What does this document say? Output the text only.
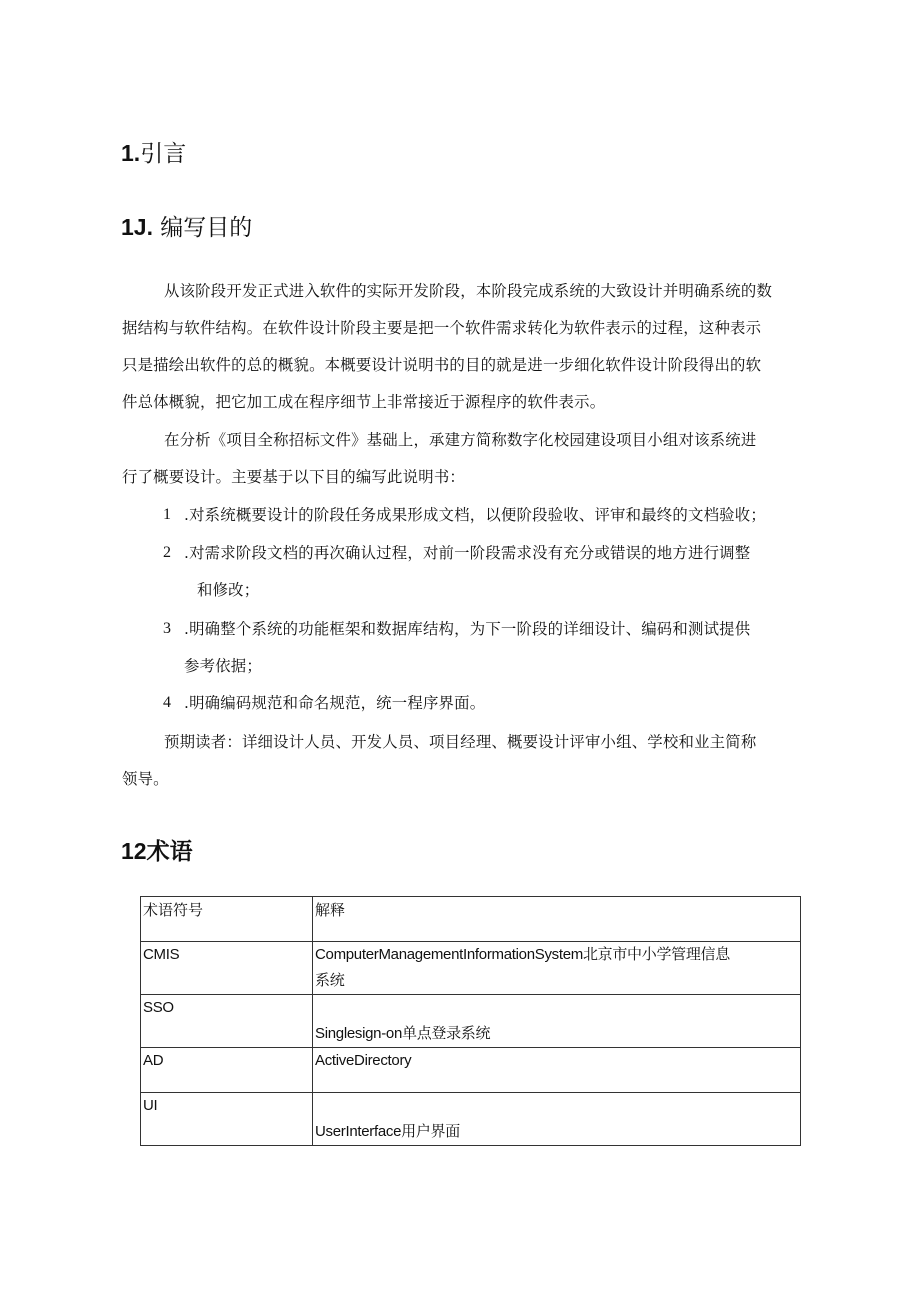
1.引言
1J. 编写目的
从该阶段开发正式进入软件的实际开发阶段，本阶段完成系统的大致设计并明确系统的数
据结构与软件结构。在软件设计阶段主要是把一个软件需求转化为软件表示的过程，这种表示
只是描绘出软件的总的概貌。本概要设计说明书的目的就是进一步细化软件设计阶段得出的软
件总体概貌，把它加工成在程序细节上非常接近于源程序的软件表示。
在分析《项目全称招标文件》基础上，承建方简称数字化校园建设项目小组对该系统进
行了概要设计。主要基于以下目的编写此说明书：
1 .对系统概要设计的阶段任务成果形成文档，以便阶段验收、评审和最终的文档验收；
2 .对需求阶段文档的再次确认过程，对前一阶段需求没有充分或错误的地方进行调整
和修改；
3 .明确整个系统的功能框架和数据库结构，为下一阶段的详细设计、编码和测试提供
参考依据；
4 .明确编码规范和命名规范，统一程序界面。
预期读者：详细设计人员、开发人员、项目经理、概要设计评审小组、学校和业主简称
领导。
12术语
术语符号	解释
CMIS	ComputerManagementInformationSystem北京市中小学管理信息
系统

SSO	Singlesign-on单点登录系统

AD	ActiveDirectory

UI	UserInterface用户界面
